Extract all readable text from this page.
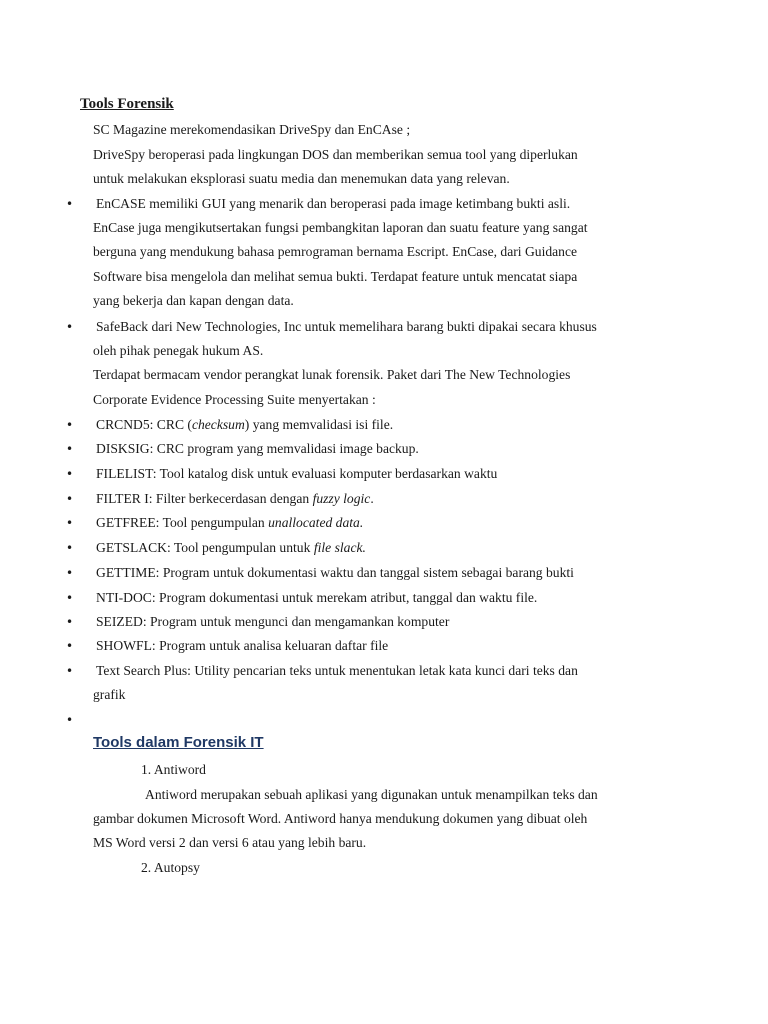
Tools Forensik
SC Magazine merekomendasikan DriveSpy dan EnCAse ;
DriveSpy beroperasi pada lingkungan DOS dan memberikan semua tool yang diperlukan
untuk melakukan eksplorasi suatu media dan menemukan data yang relevan.
• EnCASE memiliki GUI yang menarik dan beroperasi pada image ketimbang bukti asli.
EnCase juga mengikutsertakan fungsi pembangkitan laporan dan suatu feature yang sangat
berguna yang mendukung bahasa pemrograman bernama Escript. EnCase, dari Guidance
Software bisa mengelola dan melihat semua bukti. Terdapat feature untuk mencatat siapa
yang bekerja dan kapan dengan data.
• SafeBack dari New Technologies, Inc untuk memelihara barang bukti dipakai secara khusus
oleh pihak penegak hukum AS.
Terdapat bermacam vendor perangkat lunak forensik. Paket dari The New Technologies
Corporate Evidence Processing Suite menyertakan :
• CRCND5: CRC (checksum) yang memvalidasi isi file.
• DISKSIG: CRC program yang memvalidasi image backup.
• FILELIST: Tool katalog disk untuk evaluasi komputer berdasarkan waktu
• FILTER I: Filter berkecerdasan dengan fuzzy logic.
• GETFREE: Tool pengumpulan unallocated data.
• GETSLACK: Tool pengumpulan untuk file slack.
• GETTIME: Program untuk dokumentasi waktu dan tanggal sistem sebagai barang bukti
• NTI-DOC: Program dokumentasi untuk merekam atribut, tanggal dan waktu file.
• SEIZED: Program untuk mengunci dan mengamankan komputer
• SHOWFL: Program untuk analisa keluaran daftar file
• Text Search Plus: Utility pencarian teks untuk menentukan letak kata kunci dari teks dan
grafik
•
Tools dalam Forensik IT
1. Antiword
Antiword merupakan sebuah aplikasi yang digunakan untuk menampilkan teks dan
gambar dokumen Microsoft Word. Antiword hanya mendukung dokumen yang dibuat oleh
MS Word versi 2 dan versi 6 atau yang lebih baru.
2. Autopsy
